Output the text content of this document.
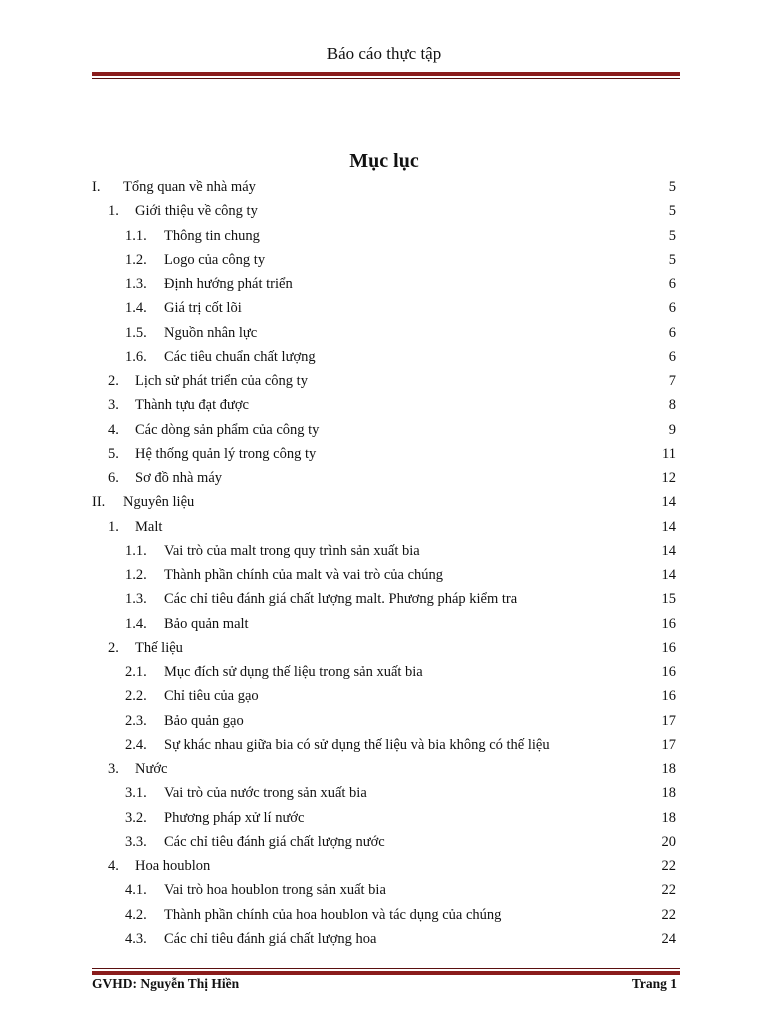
Báo cáo thực tập
Mục lục
I. Tổng quan về nhà máy	5
1. Giới thiệu về công ty	5
1.1. Thông tin chung	5
1.2. Logo của công ty	5
1.3. Định hướng phát triển	6
1.4. Giá trị cốt lõi	6
1.5. Nguồn nhân lực	6
1.6. Các tiêu chuẩn chất lượng	6
2. Lịch sử phát triển của công ty	7
3. Thành tựu đạt được	8
4. Các dòng sản phẩm của công ty	9
5. Hệ thống quản lý trong công ty	11
6. Sơ đồ nhà máy	12
II. Nguyên liệu	14
1. Malt	14
1.1. Vai trò của malt trong quy trình sản xuất bia	14
1.2. Thành phần chính của malt và vai trò của chúng	14
1.3. Các chỉ tiêu đánh giá chất lượng malt. Phương pháp kiểm tra	15
1.4. Bảo quản malt	16
2. Thế liệu	16
2.1. Mục đích sử dụng thế liệu trong sản xuất bia	16
2.2. Chỉ tiêu của gạo	16
2.3. Bảo quản gạo	17
2.4. Sự khác nhau giữa bia có sử dụng thế liệu và bia không có thế liệu	17
3. Nước	18
3.1. Vai trò của nước trong sản xuất bia	18
3.2. Phương pháp xử lí nước	18
3.3. Các chỉ tiêu đánh giá chất lượng nước	20
4. Hoa houblon	22
4.1. Vai trò hoa houblon trong sản xuất bia	22
4.2. Thành phần chính của hoa houblon và tác dụng của chúng	22
4.3. Các chỉ tiêu đánh giá chất lượng hoa	24
GVHD: Nguyễn Thị Hiền	Trang 1
